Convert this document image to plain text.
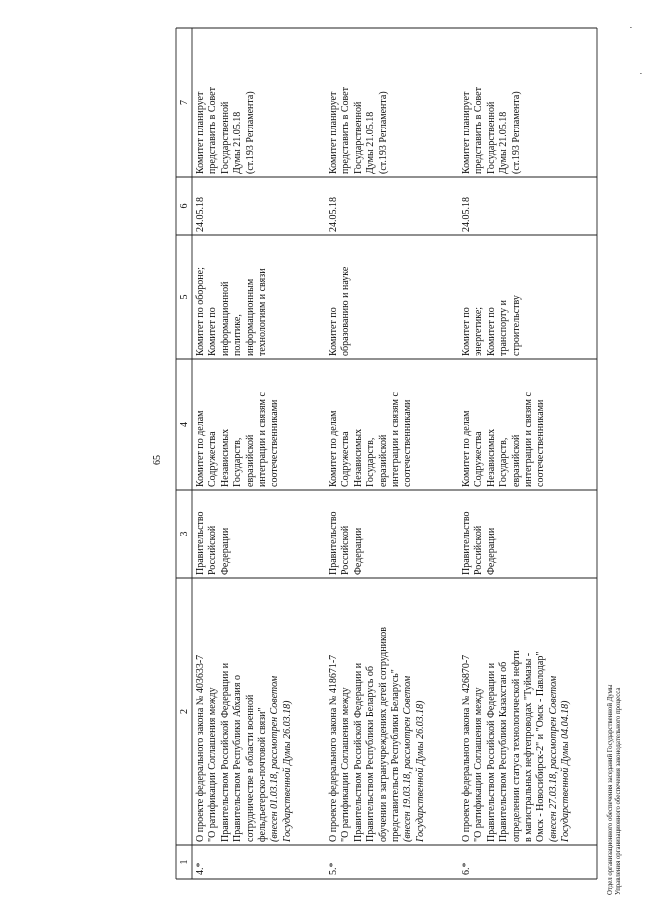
65
1
2
3
4
5
6
7
4.*
О проекте федерального закона № 403633-7 "О ратификации Соглашения между Правительством Российской Федерации и Правительством Республики Абхазия о сотрудничестве в области военной фельдъегерско-почтовой связи" (внесен 01.03.18, рассмотрен Советом Государственной Думы 26.03.18)
Правительство Российской Федерации
Комитет по делам Содружества Независимых Государств, евразийской интеграции и связям с соотечественниками
Комитет по обороне; Комитет по информационной политике, информационным технологиям и связи
24.05.18
Комитет планирует представить в Совет Государственной Думы 21.05.18 (ст.193 Регламента)
5.*
О проекте федерального закона № 418671-7 "О ратификации Соглашения между Правительством Российской Федерации и Правительством Республики Беларусь об обучении в загранучреждениях детей сотрудников представительств Республики Беларусь" (внесен 19.03.18, рассмотрен Советом Государственной Думы 26.03.18)
Правительство Российской Федерации
Комитет по делам Содружества Независимых Государств, евразийской интеграции и связям с соотечественниками
Комитет по образованию и науке
24.05.18
Комитет планирует представить в Совет Государственной Думы 21.05.18 (ст.193 Регламента)
6.*
О проекте федерального закона № 426870-7 "О ратификации Соглашения между Правительством Российской Федерации и Правительством Республики Казахстан об определении статуса технологической нефти в магистральных нефтепроводах "Туймазы - Омск - Новосибирск-2" и "Омск - Павлодар" (внесен 27.03.18, рассмотрен Советом Государственной Думы 04.04.18)
Правительство Российской Федерации
Комитет по делам Содружества Независимых Государств, евразийской интеграции и связям с соотечественниками
Комитет по энергетике; Комитет по транспорту и строительству
24.05.18
Комитет планирует представить в Совет Государственной Думы 21.05.18 (ст.193 Регламента)
Отдел организационного обеспечения заседаний Государственной Думы Управления организационного обеспечения законодательного процесса
·
·
